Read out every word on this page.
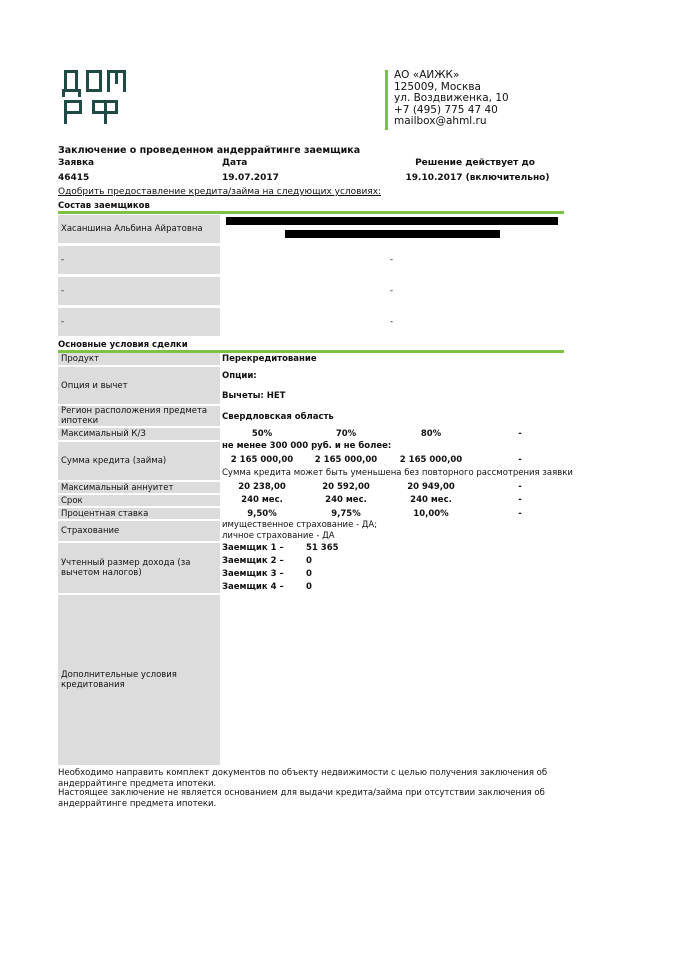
АО «АИЖК»
125009, Москва
ул. Воздвиженка, 10
+7 (495) 775 47 40
mailbox@ahml.ru
Заключение о проведенном андеррайтинге заемщика
Заявка	Дата	Решение действует до
46415	19.07.2017	19.10.2017 (включительно)
Одобрить предоставление кредита/займа на следующих условиях:
Состав заемщиков
Хасаншина Альбина Айратовна
-	-
-	-
-	-
Основные условия сделки
Продукт	Перекредитование
Опция и вычет
Опции:
Вычеты: НЕТ
Регион расположения предмета ипотеки	Свердловская область
Максимальный К/З	50%	70%	80%	-
Сумма кредита (займа)
не менее 300 000 руб. и не более:
2 165 000,00	2 165 000,00	2 165 000,00	-
Сумма кредита может быть уменьшена без повторного рассмотрения заявки
Максимальный аннуитет	20 238,00	20 592,00	20 949,00	-
Срок	240 мес.	240 мес.	240 мес.	-
Процентная ставка	9,50%	9,75%	10,00%	-
Страхование
имущественное страхование - ДА;
личное страхование - ДА
Учтенный размер дохода (за вычетом налогов)
Заемщик 1 –	51 365
Заемщик 2 –	0
Заемщик 3 –	0
Заемщик 4 –	0
Дополнительные условия кредитования
Необходимо направить комплект документов по объекту недвижимости с целью получения заключения об андеррайтинге предмета ипотеки.
Настоящее заключение не является основанием для выдачи кредита/займа при отсутствии заключения об андеррайтинге предмета ипотеки.
